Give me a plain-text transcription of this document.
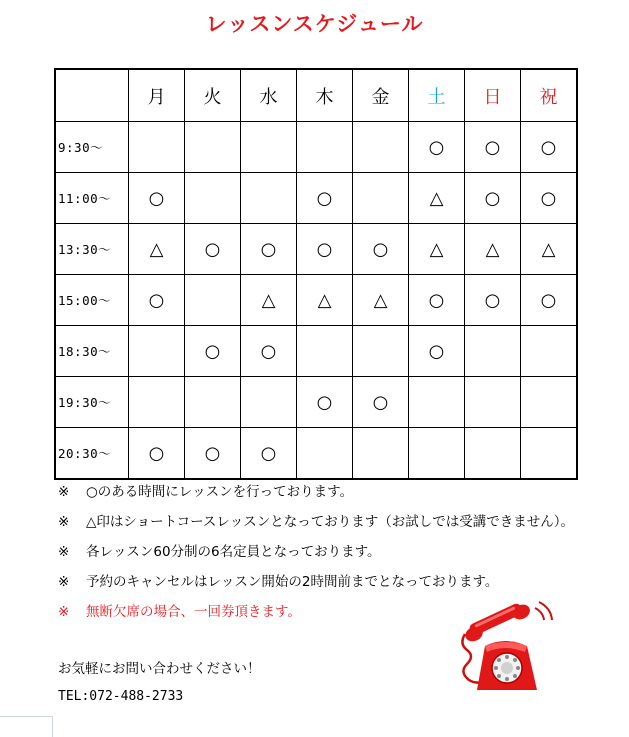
レッスンスケジュール
	月	火	水	木	金	土	日	祝
9:30～						○	○	○
11:00～	○			○		△	○	○
13:30～	△	○	○	○	○	△	△	△
15:00～	○		△	△	△	○	○	○
18:30～		○	○			○		
19:30～				○	○			
20:30～	○	○	○					
※ ○のある時間にレッスンを行っております。
※ △印はショートコースレッスンとなっております（お試しでは受講できません）。
※ 各レッスン60分制の6名定員となっております。
※ 予約のキャンセルはレッスン開始の2時間前までとなっております。
※ 無断欠席の場合、一回券頂きます。
お気軽にお問い合わせください！
TEL:072-488-2733
